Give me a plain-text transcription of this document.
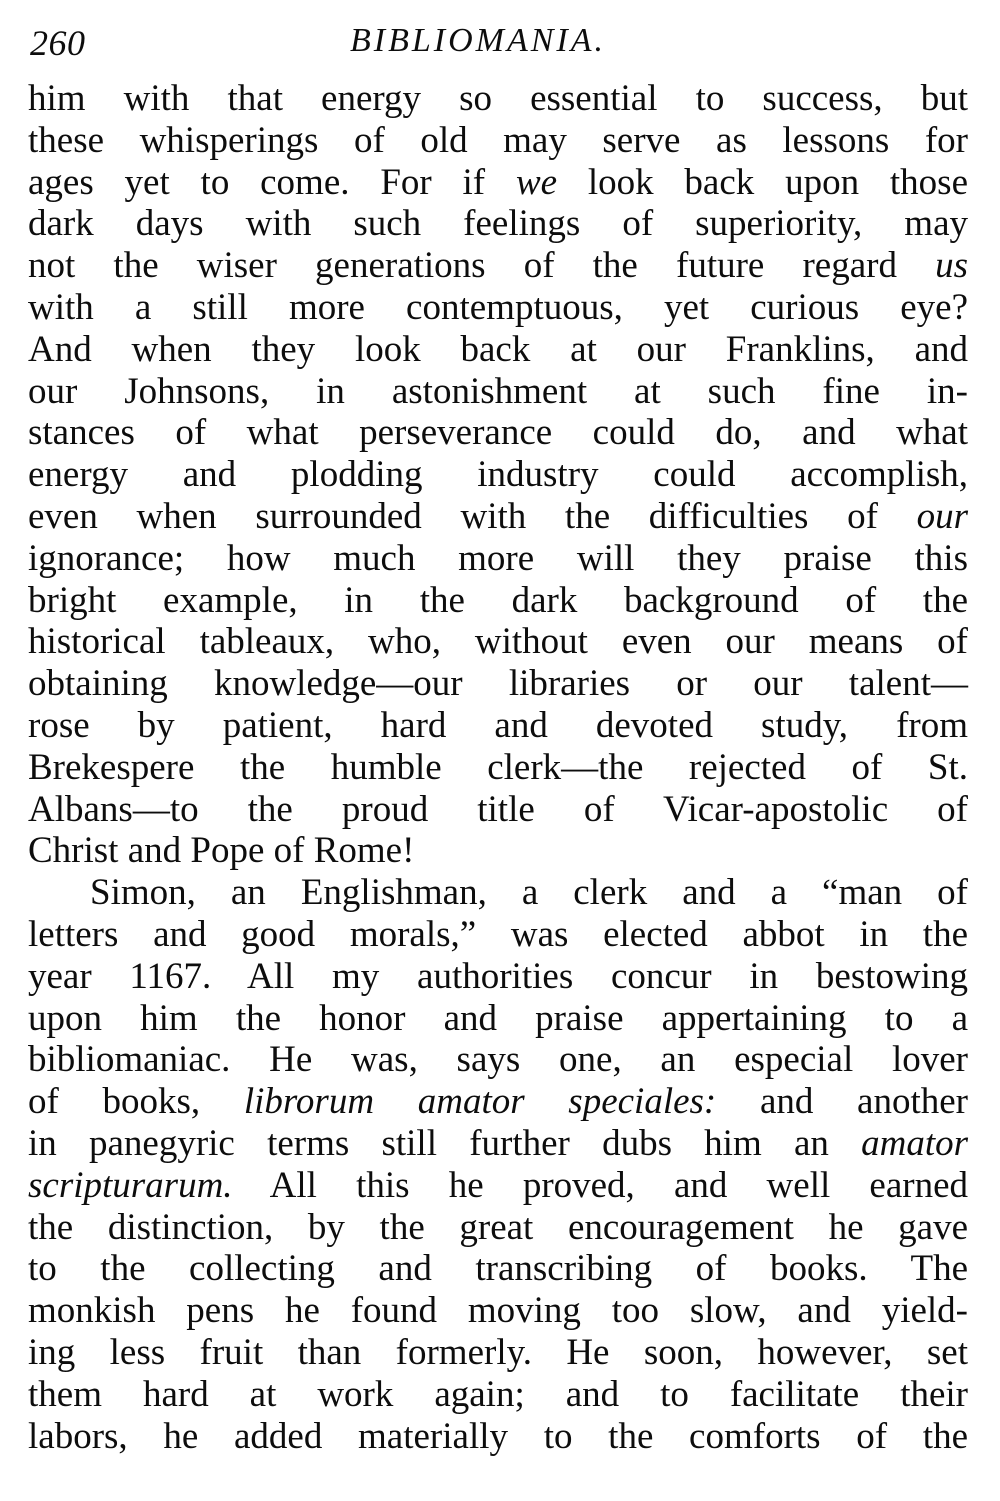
260	BIBLIOMANIA.
him with that energy so essential to success, but
these whisperings of old may serve as lessons for
ages yet to come. For if we look back upon those
dark days with such feelings of superiority, may
not the wiser generations of the future regard us
with a still more contemptuous, yet curious eye?
And when they look back at our Franklins, and
our Johnsons, in astonishment at such fine in-
stances of what perseverance could do, and what
energy and plodding industry could accomplish,
even when surrounded with the difficulties of our
ignorance; how much more will they praise this
bright example, in the dark background of the
historical tableaux, who, without even our means of
obtaining knowledge—our libraries or our talent—
rose by patient, hard and devoted study, from
Brekespere the humble clerk—the rejected of St.
Albans—to the proud title of Vicar-apostolic of
Christ and Pope of Rome!
Simon, an Englishman, a clerk and a “man of
letters and good morals,” was elected abbot in the
year 1167. All my authorities concur in bestowing
upon him the honor and praise appertaining to a
bibliomaniac. He was, says one, an especial lover
of books, librorum amator speciales: and another
in panegyric terms still further dubs him an amator
scripturarum. All this he proved, and well earned
the distinction, by the great encouragement he gave
to the collecting and transcribing of books. The
monkish pens he found moving too slow, and yield-
ing less fruit than formerly. He soon, however, set
them hard at work again; and to facilitate their
labors, he added materially to the comforts of the
